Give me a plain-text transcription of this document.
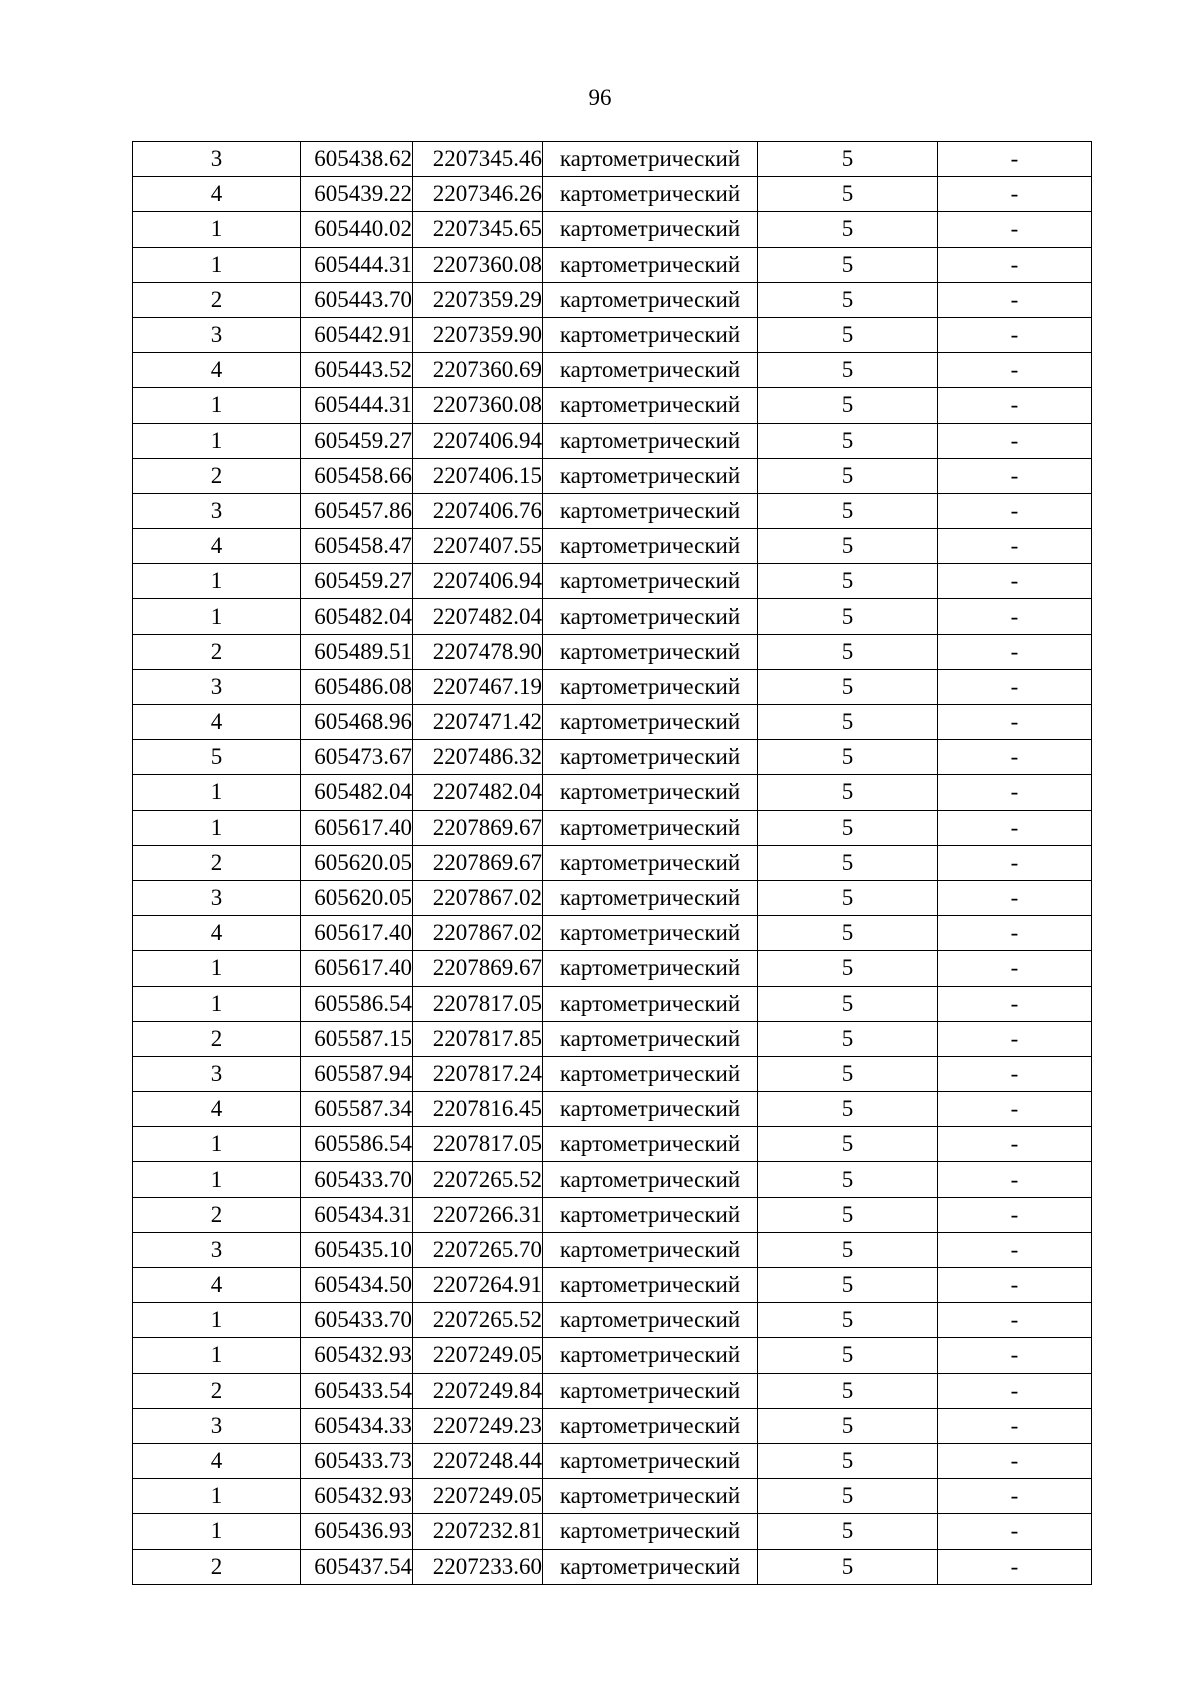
96
3	605438.62	2207345.46	картометрический	5	-
4	605439.22	2207346.26	картометрический	5	-
1	605440.02	2207345.65	картометрический	5	-
1	605444.31	2207360.08	картометрический	5	-
2	605443.70	2207359.29	картометрический	5	-
3	605442.91	2207359.90	картометрический	5	-
4	605443.52	2207360.69	картометрический	5	-
1	605444.31	2207360.08	картометрический	5	-
1	605459.27	2207406.94	картометрический	5	-
2	605458.66	2207406.15	картометрический	5	-
3	605457.86	2207406.76	картометрический	5	-
4	605458.47	2207407.55	картометрический	5	-
1	605459.27	2207406.94	картометрический	5	-
1	605482.04	2207482.04	картометрический	5	-
2	605489.51	2207478.90	картометрический	5	-
3	605486.08	2207467.19	картометрический	5	-
4	605468.96	2207471.42	картометрический	5	-
5	605473.67	2207486.32	картометрический	5	-
1	605482.04	2207482.04	картометрический	5	-
1	605617.40	2207869.67	картометрический	5	-
2	605620.05	2207869.67	картометрический	5	-
3	605620.05	2207867.02	картометрический	5	-
4	605617.40	2207867.02	картометрический	5	-
1	605617.40	2207869.67	картометрический	5	-
1	605586.54	2207817.05	картометрический	5	-
2	605587.15	2207817.85	картометрический	5	-
3	605587.94	2207817.24	картометрический	5	-
4	605587.34	2207816.45	картометрический	5	-
1	605586.54	2207817.05	картометрический	5	-
1	605433.70	2207265.52	картометрический	5	-
2	605434.31	2207266.31	картометрический	5	-
3	605435.10	2207265.70	картометрический	5	-
4	605434.50	2207264.91	картометрический	5	-
1	605433.70	2207265.52	картометрический	5	-
1	605432.93	2207249.05	картометрический	5	-
2	605433.54	2207249.84	картометрический	5	-
3	605434.33	2207249.23	картометрический	5	-
4	605433.73	2207248.44	картометрический	5	-
1	605432.93	2207249.05	картометрический	5	-
1	605436.93	2207232.81	картометрический	5	-
2	605437.54	2207233.60	картометрический	5	-
